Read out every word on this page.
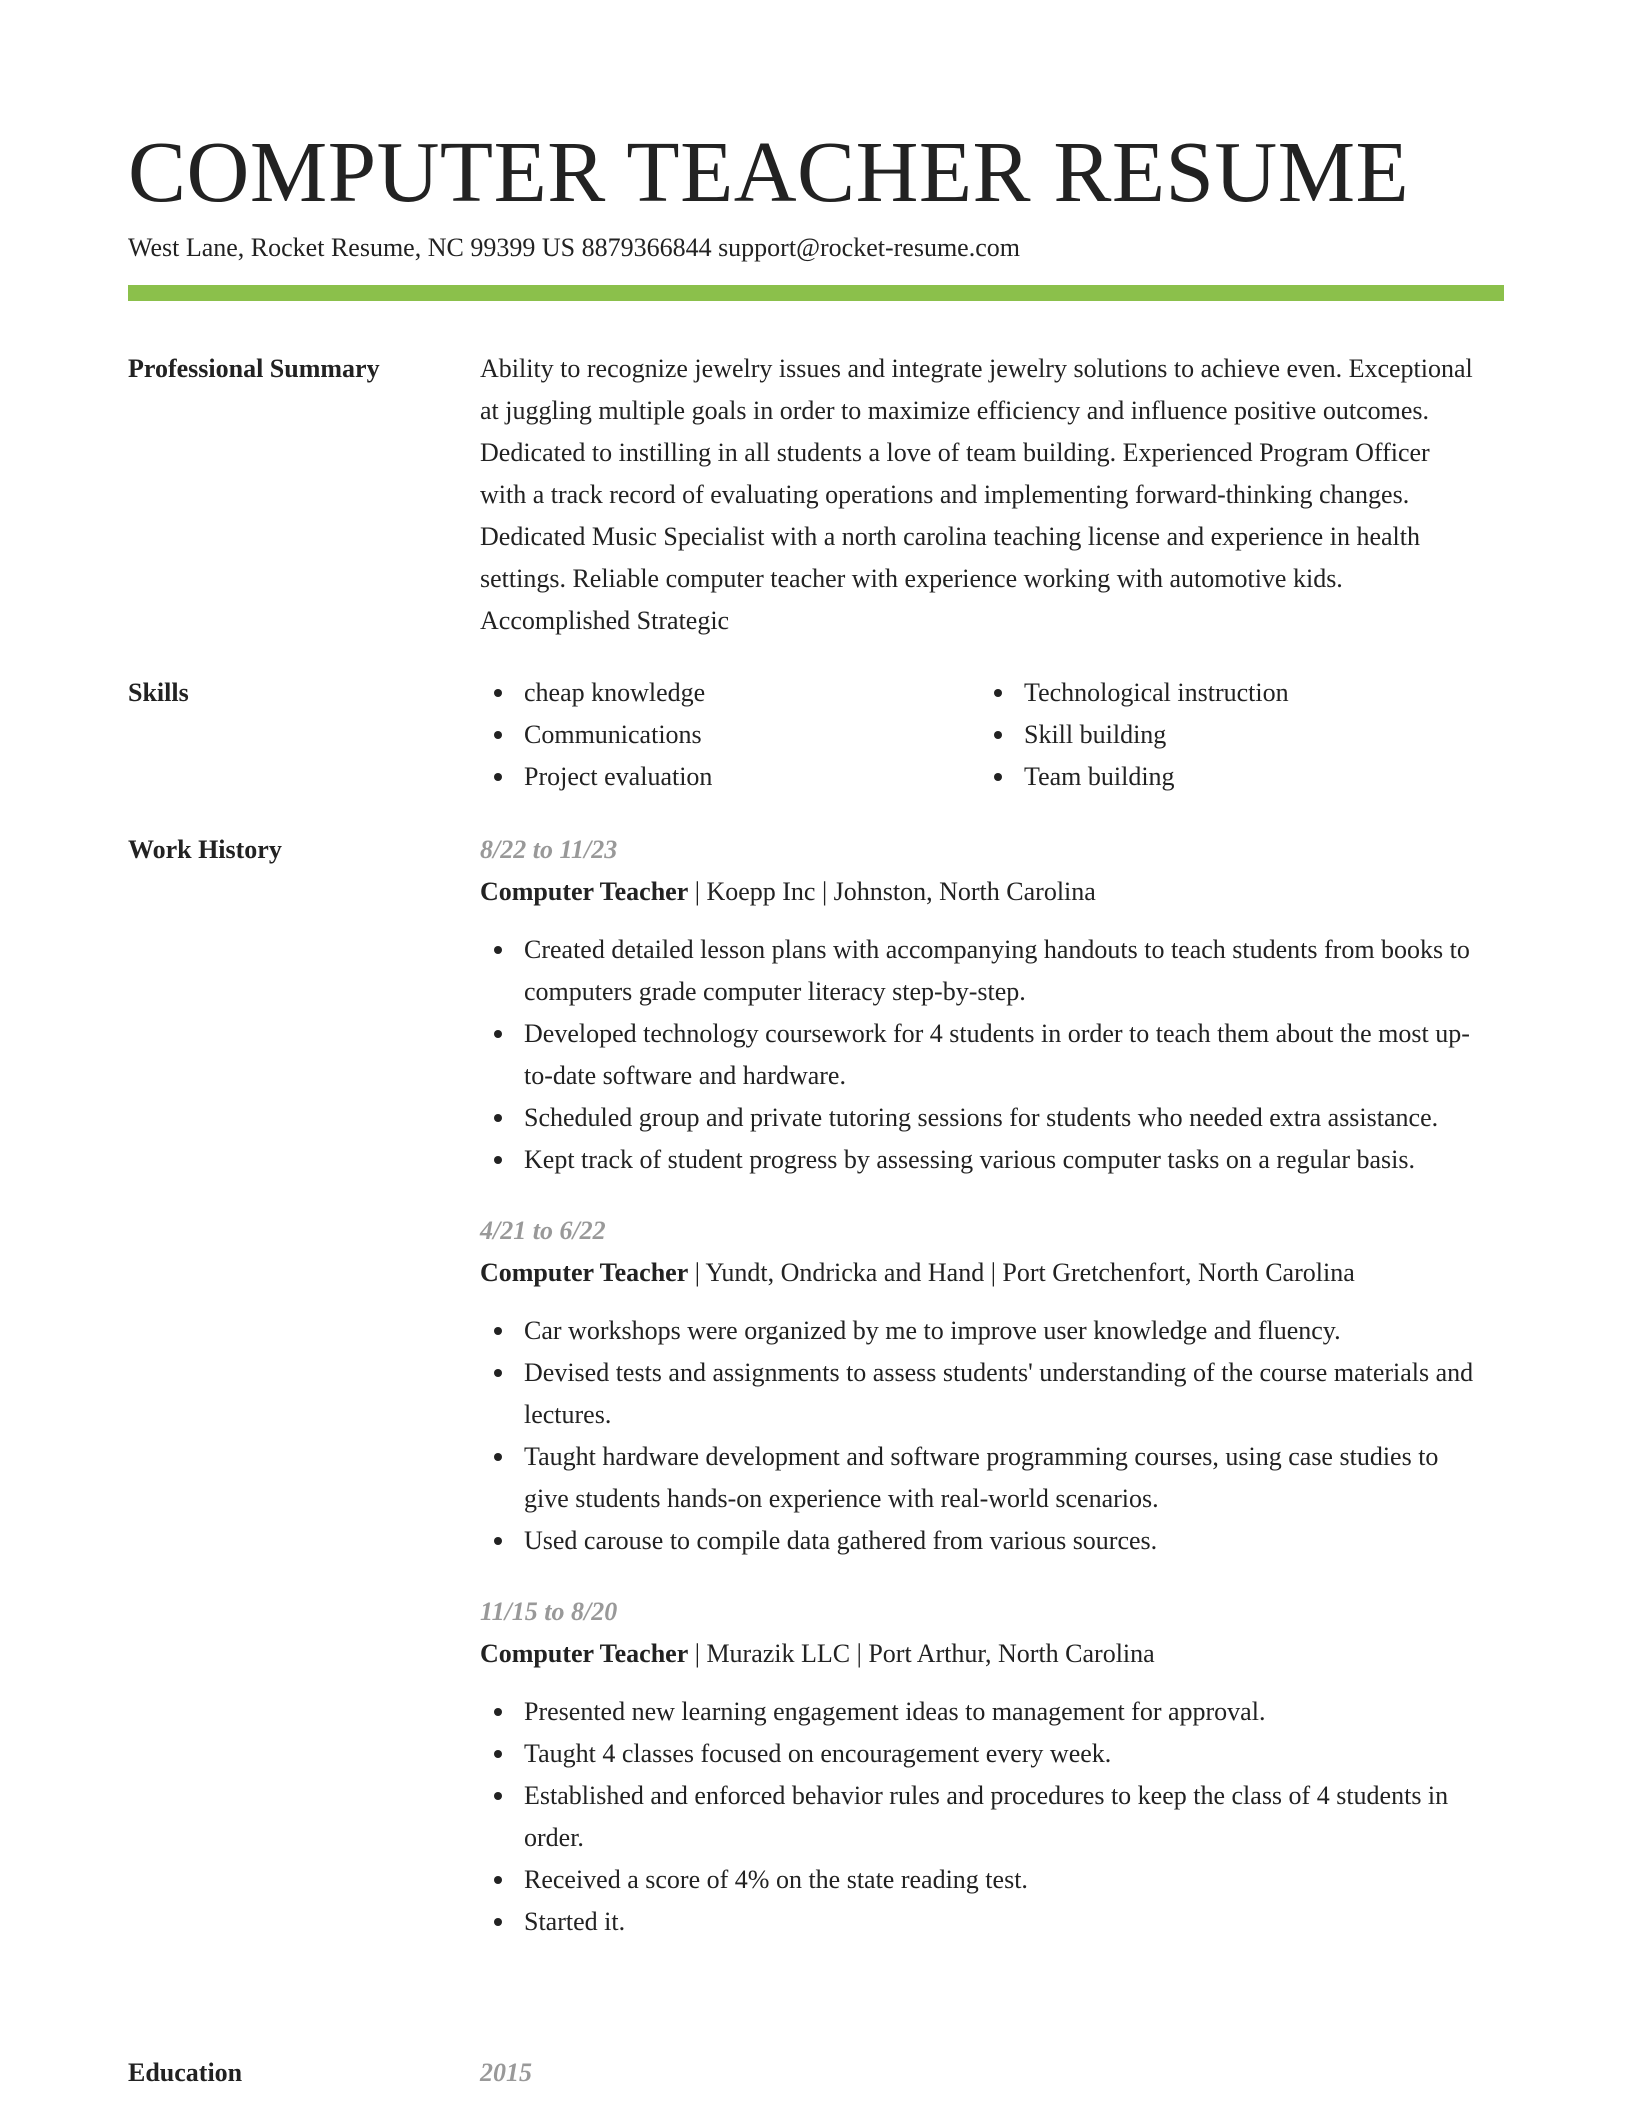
COMPUTER TEACHER RESUME
West Lane, Rocket Resume, NC 99399 US 8879366844 support@rocket-resume.com
Professional Summary	Ability to recognize jewelry issues and integrate jewelry solutions to achieve even. Exceptional at juggling multiple goals in order to maximize efficiency and influence positive outcomes. Dedicated to instilling in all students a love of team building. Experienced Program Officer with a track record of evaluating operations and implementing forward-thinking changes. Dedicated Music Specialist with a north carolina teaching license and experience in health settings. Reliable computer teacher with experience working with automotive kids. Accomplished Strategic

Skills	cheap knowledge
Communications
Project evaluation
Technological instruction
Skill building
Team building
Work History	8/22 to 11/23
Computer Teacher | Koepp Inc | Johnston, North Carolina
Created detailed lesson plans with accompanying handouts to teach students from books to computers grade computer literacy step-by-step.
Developed technology coursework for 4 students in order to teach them about the most up-to-date software and hardware.
Scheduled group and private tutoring sessions for students who needed extra assistance.
Kept track of student progress by assessing various computer tasks on a regular basis.
4/21 to 6/22
Computer Teacher | Yundt, Ondricka and Hand | Port Gretchenfort, North Carolina
Car workshops were organized by me to improve user knowledge and fluency.
Devised tests and assignments to assess students' understanding of the course materials and lectures.
Taught hardware development and software programming courses, using case studies to give students hands-on experience with real-world scenarios.
Used carouse to compile data gathered from various sources.
11/15 to 8/20
Computer Teacher | Murazik LLC | Port Arthur, North Carolina
Presented new learning engagement ideas to management for approval.
Taught 4 classes focused on encouragement every week.
Established and enforced behavior rules and procedures to keep the class of 4 students in order.
Received a score of 4% on the state reading test.
Started it.
Education	2015
